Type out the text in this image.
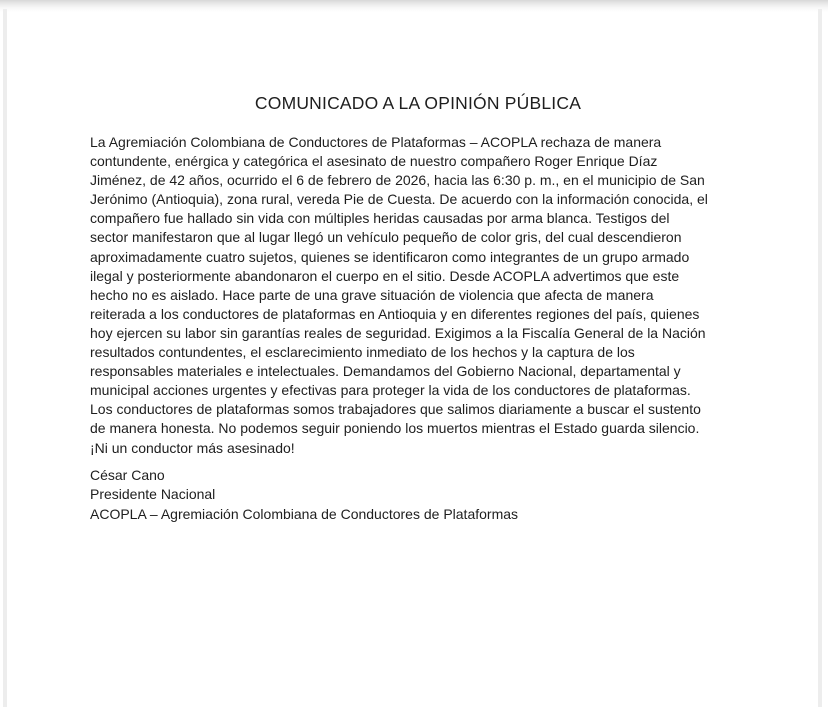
COMUNICADO A LA OPINIÓN PÚBLICA
La Agremiación Colombiana de Conductores de Plataformas – ACOPLA rechaza de manera
contundente, enérgica y categórica el asesinato de nuestro compañero Roger Enrique Díaz
Jiménez, de 42 años, ocurrido el 6 de febrero de 2026, hacia las 6:30 p. m., en el municipio de San
Jerónimo (Antioquia), zona rural, vereda Pie de Cuesta. De acuerdo con la información conocida, el
compañero fue hallado sin vida con múltiples heridas causadas por arma blanca. Testigos del
sector manifestaron que al lugar llegó un vehículo pequeño de color gris, del cual descendieron
aproximadamente cuatro sujetos, quienes se identificaron como integrantes de un grupo armado
ilegal y posteriormente abandonaron el cuerpo en el sitio. Desde ACOPLA advertimos que este
hecho no es aislado. Hace parte de una grave situación de violencia que afecta de manera
reiterada a los conductores de plataformas en Antioquia y en diferentes regiones del país, quienes
hoy ejercen su labor sin garantías reales de seguridad. Exigimos a la Fiscalía General de la Nación
resultados contundentes, el esclarecimiento inmediato de los hechos y la captura de los
responsables materiales e intelectuales. Demandamos del Gobierno Nacional, departamental y
municipal acciones urgentes y efectivas para proteger la vida de los conductores de plataformas.
Los conductores de plataformas somos trabajadores que salimos diariamente a buscar el sustento
de manera honesta. No podemos seguir poniendo los muertos mientras el Estado guarda silencio.
¡Ni un conductor más asesinado!
César Cano
Presidente Nacional
ACOPLA – Agremiación Colombiana de Conductores de Plataformas
